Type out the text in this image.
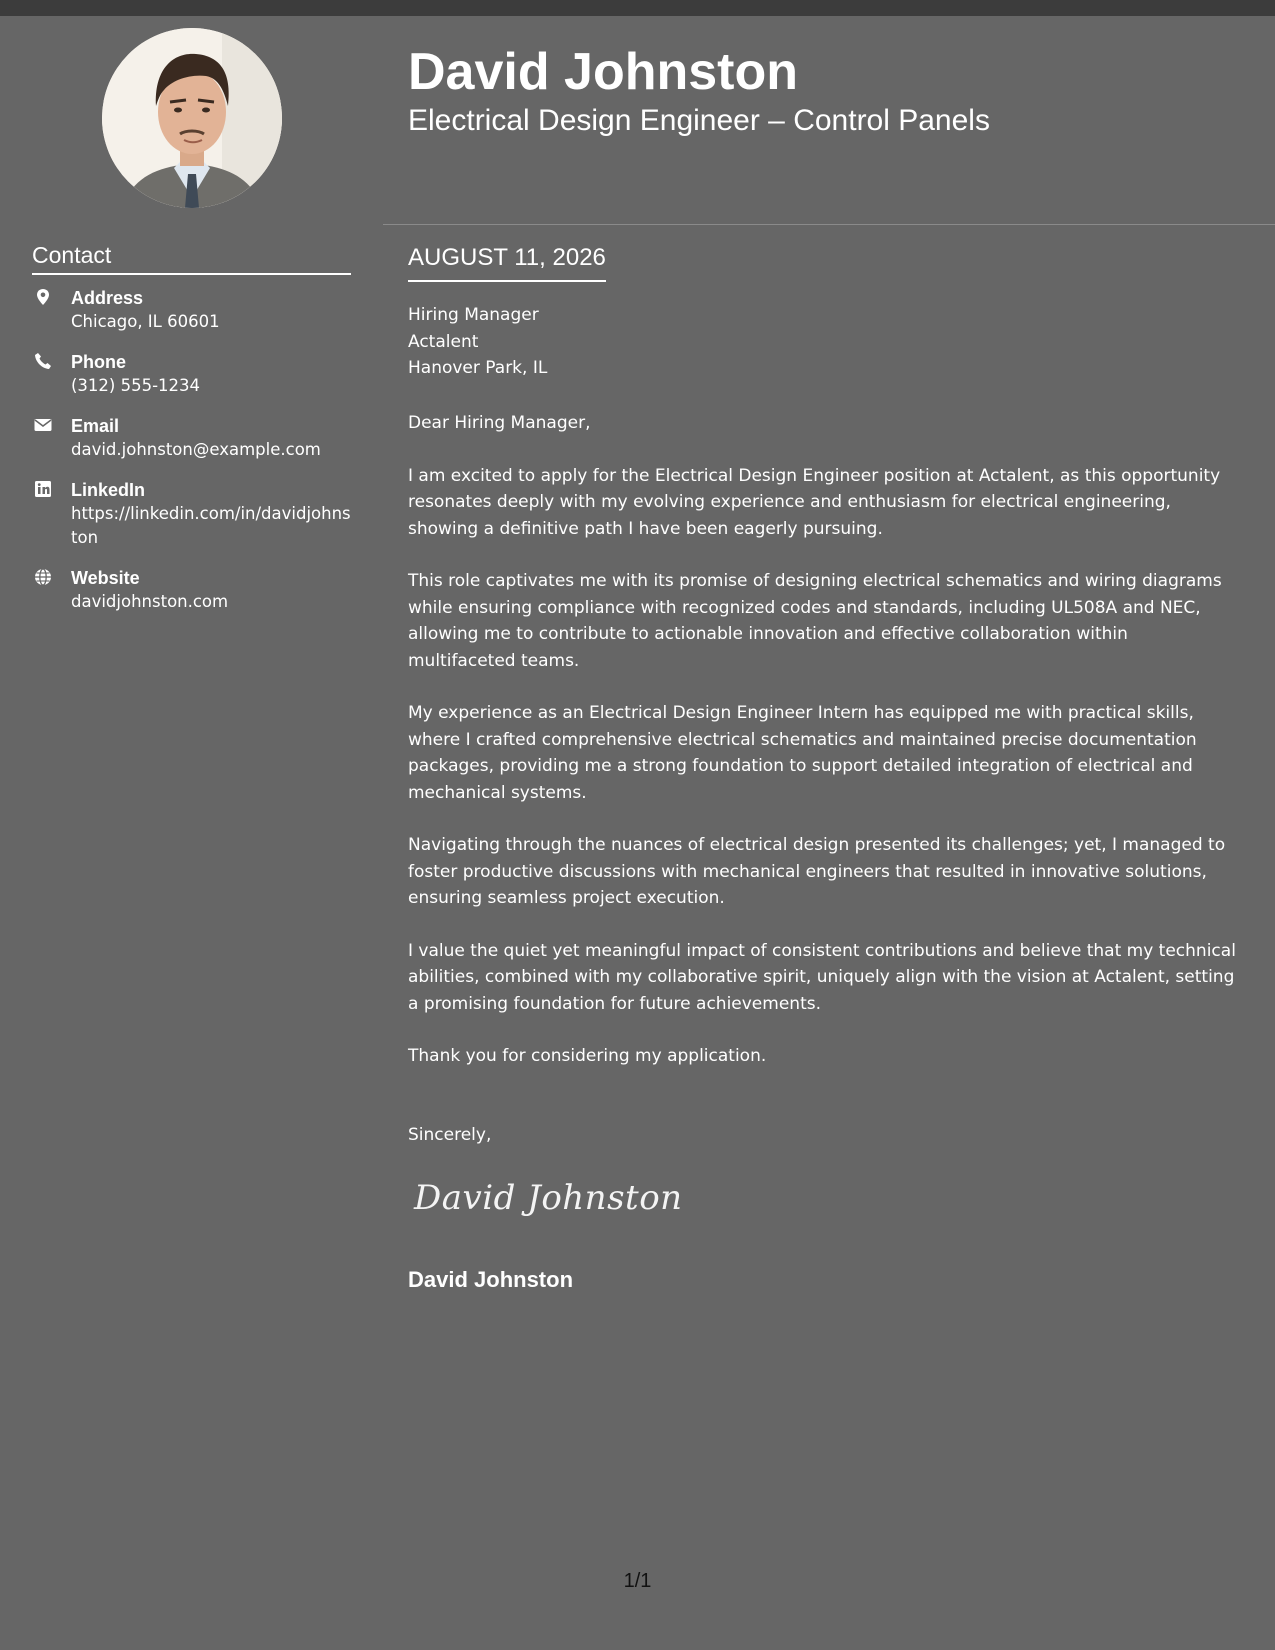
Contact
Address
Chicago, IL 60601
Phone
(312) 555-1234
Email
david.johnston@example.com
LinkedIn
https://linkedin.com/in/davidjohnston
Website
davidjohnston.com
David Johnston
Electrical Design Engineer – Control Panels
AUGUST 11, 2026
Hiring Manager
Actalent
Hanover Park, IL

Dear Hiring Manager,

I am excited to apply for the Electrical Design Engineer position at Actalent, as this opportunity resonates deeply with my evolving experience and enthusiasm for electrical engineering, showing a definitive path I have been eagerly pursuing.

This role captivates me with its promise of designing electrical schematics and wiring diagrams while ensuring compliance with recognized codes and standards, including UL508A and NEC, allowing me to contribute to actionable innovation and effective collaboration within multifaceted teams.

My experience as an Electrical Design Engineer Intern has equipped me with practical skills, where I crafted comprehensive electrical schematics and maintained precise documentation packages, providing me a strong foundation to support detailed integration of electrical and mechanical systems.

Navigating through the nuances of electrical design presented its challenges; yet, I managed to foster productive discussions with mechanical engineers that resulted in innovative solutions, ensuring seamless project execution.

I value the quiet yet meaningful impact of consistent contributions and believe that my technical abilities, combined with my collaborative spirit, uniquely align with the vision at Actalent, setting a promising foundation for future achievements.

Thank you for considering my application.

Sincerely,
David Johnston
David Johnston
1/1
